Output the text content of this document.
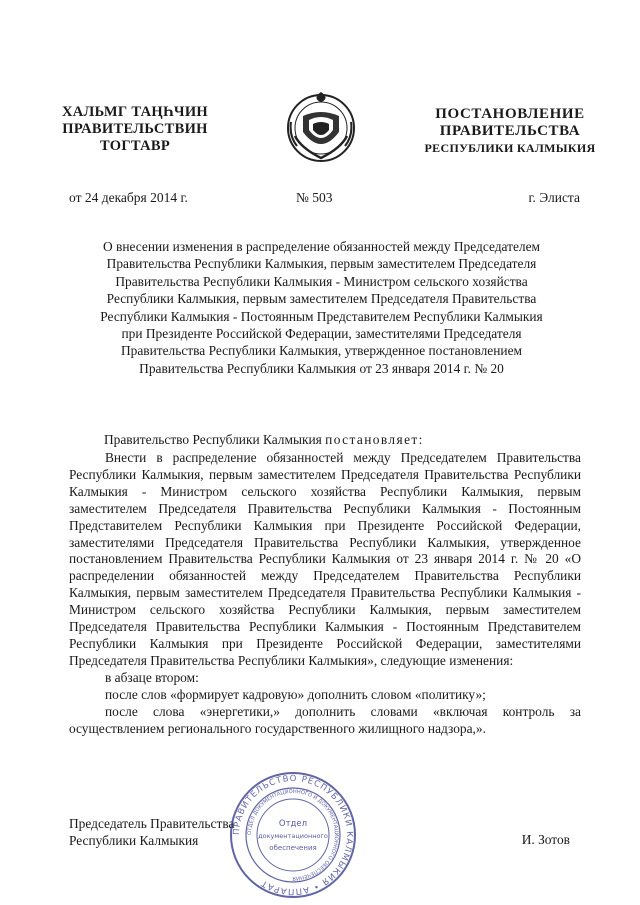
ХАЛЬМГ ТАҢҺЧИН
ПРАВИТЕЛЬСТВИН
ТОГТАВР
ПОСТАНОВЛЕНИЕ
ПРАВИТЕЛЬСТВА
РЕСПУБЛИКИ КАЛМЫКИЯ
от 24 декабря 2014 г.	№ 503	г. Элиста
О внесении изменения в распределение обязанностей между Председателем
Правительства Республики Калмыкия, первым заместителем Председателя
Правительства Республики Калмыкия - Министром сельского хозяйства
Республики Калмыкия, первым заместителем Председателя Правительства
Республики Калмыкия - Постоянным Представителем Республики Калмыкия
при Президенте Российской Федерации, заместителями Председателя
Правительства Республики Калмыкия, утвержденное постановлением
Правительства Республики Калмыкия от 23 января 2014 г. № 20
Правительство Республики Калмыкия постановляет:
Внести в распределение обязанностей между Председателем Правительства Республики Калмыкия, первым заместителем Председателя Правительства Республики Калмыкия - Министром сельского хозяйства Республики Калмыкия, первым заместителем Председателя Правительства Республики Калмыкия - Постоянным Представителем Республики Калмыкия при Президенте Российской Федерации, заместителями Председателя Правительства Республики Калмыкия, утвержденное постановлением Правительства Республики Калмыкия от 23 января 2014 г. № 20 «О распределении обязанностей между Председателем Правительства Республики Калмыкия, первым заместителем Председателя Правительства Республики Калмыкия - Министром сельского хозяйства Республики Калмыкия, первым заместителем Председателя Правительства Республики Калмыкия - Постоянным Представителем Республики Калмыкия при Президенте Российской Федерации, заместителями Председателя Правительства Республики Калмыкия», следующие изменения:
в абзаце втором:
после слов «формирует кадровую» дополнить словом «политику»;
после слова «энергетики,» дополнить словами «включая контроль за осуществлением регионального государственного жилищного надзора,».
Председатель Правительства
Республики Калмыкия	И. Зотов
ПРАВИТЕЛЬСТВО РЕСПУБЛИКИ КАЛМЫКИЯ • АППАРАТ
ОТДЕЛ ДОКУМЕНТАЦИОННОГО И ДОКУМЕНТАЦИОННОГО ОБЕСПЕЧЕНИЯ
Отдел
документационного
обеспечения
